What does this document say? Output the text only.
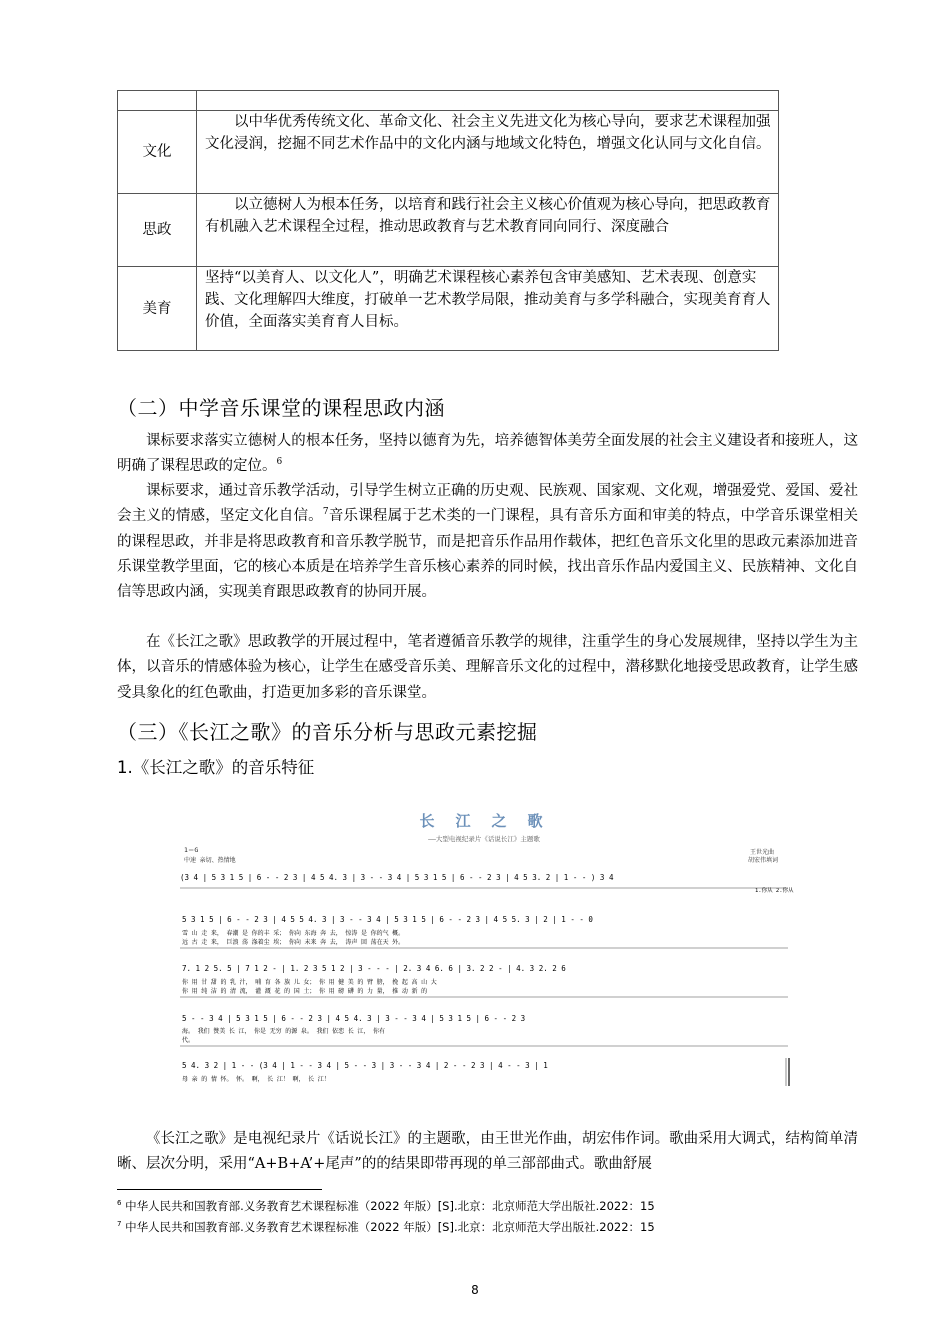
文化	以中华优秀传统文化、革命文化、社会主义先进文化为核心导向，要求艺术课程加强文化浸润，挖掘不同艺术作品中的文化内涵与地域文化特色，增强文化认同与文化自信。

思政	以立德树人为根本任务，以培育和践行社会主义核心价值观为核心导向，把思政教育有机融入艺术课程全过程，推动思政教育与艺术教育同向同行、深度融合

美育	坚持“以美育人、以文化人”，明确艺术课程核心素养包含审美感知、艺术表现、创意实践、文化理解四大维度，打破单一艺术教学局限，推动美育与多学科融合，实现美育育人价值，全面落实美育育人目标。
（二）中学音乐课堂的课程思政内涵

课标要求落实立德树人的根本任务，坚持以德育为先，培养德智体美劳全面发展的社会主义建设者和接班人，这明确了课程思政的定位。$^6$

课标要求，通过音乐教学活动，引导学生树立正确的历史观、民族观、国家观、文化观，增强爱党、爱国、爱社会主义的情感，坚定文化自信。$^7$音乐课程属于艺术类的一门课程，具有音乐方面和审美的特点，中学音乐课堂相关的课程思政，并非是将思政教育和音乐教学脱节，而是把音乐作品用作载体，把红色音乐文化里的思政元素添加进音乐课堂教学里面，它的核心本质是在培养学生音乐核心素养的同时候，找出音乐作品内爱国主义、民族精神、文化自信等思政内涵，实现美育跟思政教育的协同开展。

在《长江之歌》思政教学的开展过程中，笔者遵循音乐教学的规律，注重学生的身心发展规律，坚持以学生为主体，以音乐的情感体验为核心，让学生在感受音乐美、理解音乐文化的过程中，潜移默化地接受思政教育，让学生感受具象化的红色歌曲，打造更加多彩的音乐课堂。

（三）《长江之歌》的音乐分析与思政元素挖掘
1.《长江之歌》的音乐特征
长 江 之 歌
——大型电视纪录片《话说长江》主题歌
王世光曲
胡宏伟填词
1＝G
中速 亲切、热情地
(3 4 | 5 3 1 5 | 6 - - 2 3 | 4 5 4. 3 | 3 - - 3 4 | 5 3 1 5 | 6 - - 2 3 | 4 5 3. 2 | 1 - - ) 3 4
1.你从 2.你从
5 3 1 5 | 6 - - 2 3 | 4 5 5 4. 3 | 3 - - 3 4 | 5 3 1 5 | 6 - - 2 3 | 4 5 5. 3 | 2 | 1 - - 0
雪 山 走 来， 春潮 是 你的丰 采； 你向 东海 奔 去， 惊涛 是 你的气 概。
远 古 走 来， 巨浪 荡 涤着尘 埃； 你向 未来 奔 去， 涛声 回 荡在天 外。
7. 1 2 5. 5 | 7 1 2 - | 1. 2 3 5 1 2 | 3 - - - | 2. 3 4 6. 6 | 3. 2 2 - | 4. 3 2. 2 6
你 用 甘 甜 的 乳 汁， 哺 育 各 族 儿 女； 你 用 健 美 的 臂 膀， 挽 起 高 山 大
你 用 纯 洁 的 清 流， 灌 溉 花 的 国 土； 你 用 磅 礴 的 力 量， 推 动 新 的
5 - - 3 4 | 5 3 1 5 | 6 - - 2 3 | 4 5 4. 3 | 3 - - 3 4 | 5 3 1 5 | 6 - - 2 3
海。 我们 赞美 长 江， 你是 无穷 的源 泉。 我们 依恋 长 江， 你有
代。
5 4. 3 2 | 1 - - (3 4 | 1 - - 3 4 | 5 - - 3 | 3 - - 3 4 | 2 - - 2 3 | 4 - - 3 | 1
母 亲 的 情 怀。 怀。 啊， 长 江！ 啊， 长 江！

《长江之歌》是电视纪录片《话说长江》的主题歌，由王世光作曲，胡宏伟作词。歌曲采用大调式，结构简单清晰、层次分明，采用“A+B+A’+尾声”的的结果即带再现的单三部部曲式。歌曲舒展

$^6$ 中华人民共和国教育部.义务教育艺术课程标准（2022 年版）[S].北京：北京师范大学出版社.2022：15

$^7$ 中华人民共和国教育部.义务教育艺术课程标准（2022 年版）[S].北京：北京师范大学出版社.2022：15

8
